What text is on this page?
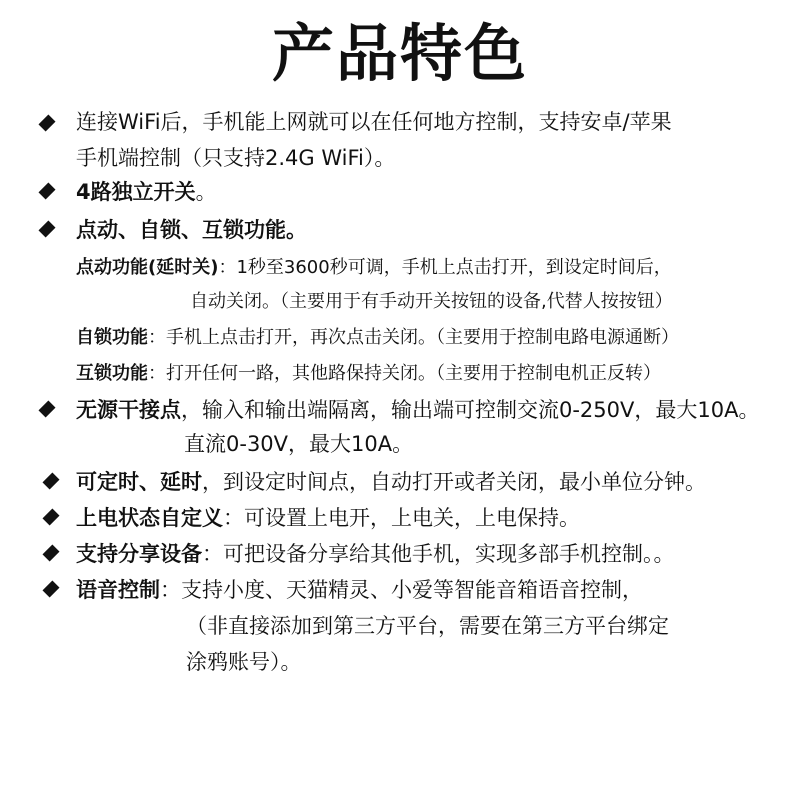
产品特色
连接WiFi后，手机能上网就可以在任何地方控制，支持安卓/苹果
手机端控制（只支持2.4G WiFi）。
4路独立开关。
点动、自锁、互锁功能。
点动功能(延时关)：1秒至3600秒可调，手机上点击打开，到设定时间后，
自动关闭。（主要用于有手动开关按钮的设备,代替人按按钮）
自锁功能：手机上点击打开，再次点击关闭。（主要用于控制电路电源通断）
互锁功能：打开任何一路，其他路保持关闭。（主要用于控制电机正反转）
无源干接点，输入和输出端隔离，输出端可控制交流0-250V，最大10A。
直流0-30V，最大10A。
可定时、延时，到设定时间点，自动打开或者关闭，最小单位分钟。
上电状态自定义：可设置上电开，上电关，上电保持。
支持分享设备：可把设备分享给其他手机，实现多部手机控制。。
语音控制：支持小度、天猫精灵、小爱等智能音箱语音控制，
（非直接添加到第三方平台，需要在第三方平台绑定
涂鸦账号）。
